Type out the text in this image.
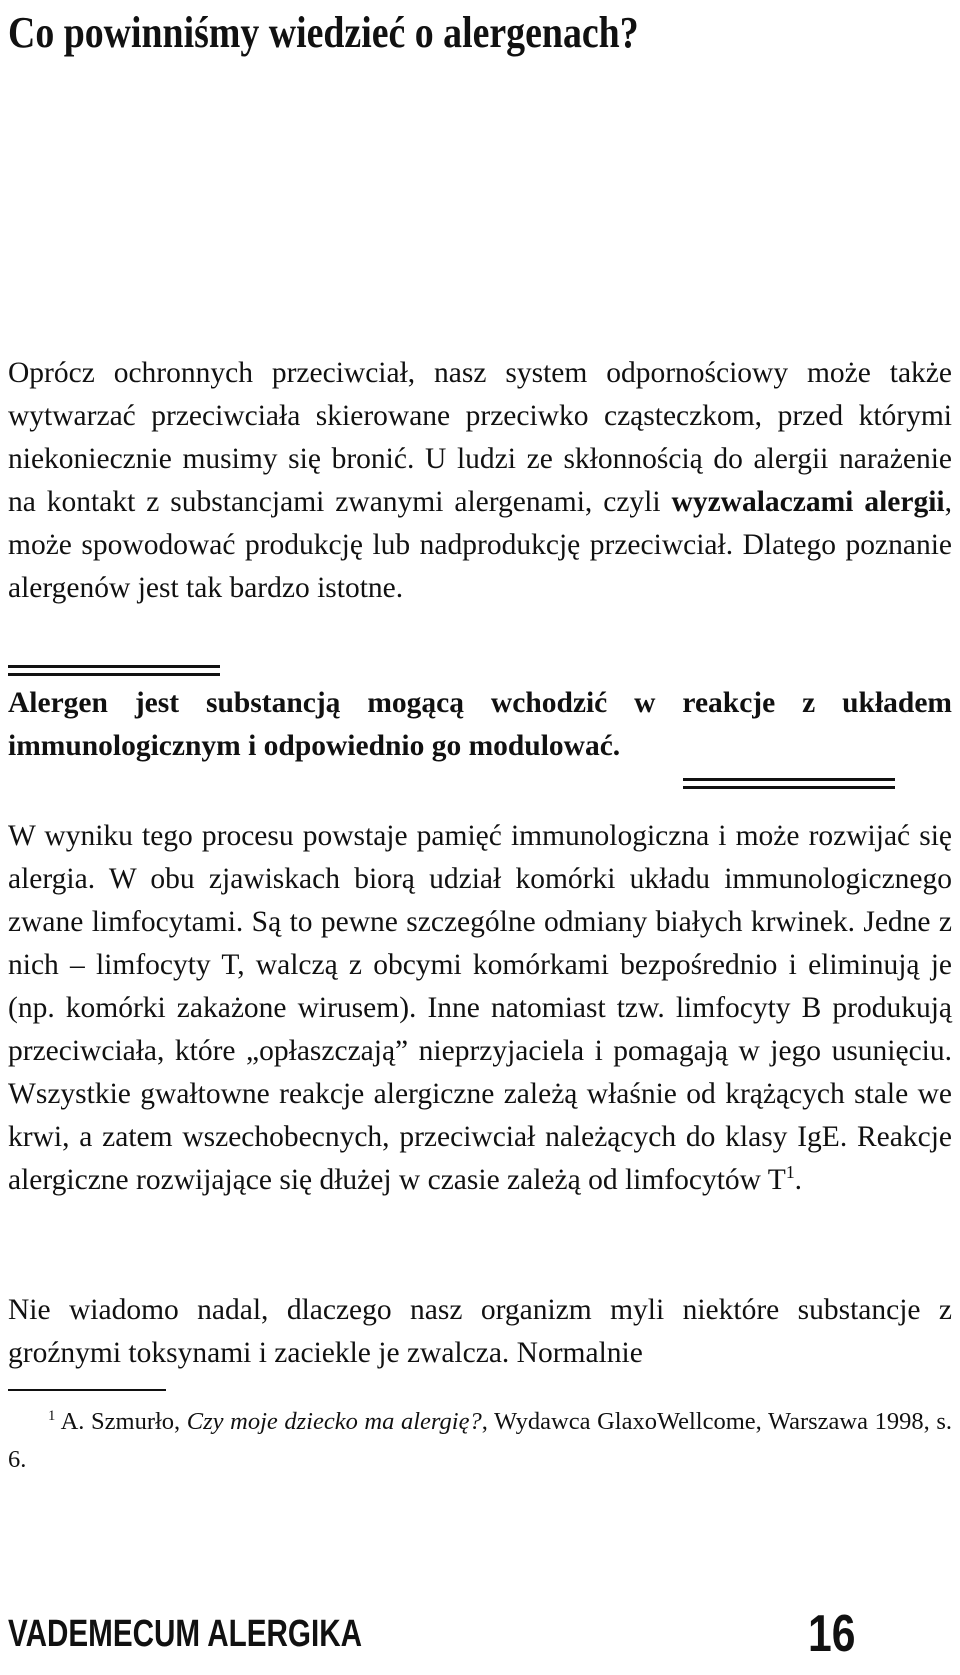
Co powinniśmy wiedzieć o alergenach?

Oprócz ochronnych przeciwciał, nasz system odpornościowy może także wytwarzać przeciwciała skierowane przeciwko cząsteczkom, przed którymi niekoniecznie musimy się bronić. U ludzi ze skłonnością do alergii narażenie na kontakt z substancjami zwanymi alergenami, czyli wyzwalaczami alergii, może spowodować produkcję lub nadprodukcję przeciwciał. Dlatego poznanie alergenów jest tak bardzo istotne.

Alergen jest substancją mogącą wchodzić w reakcje z układem immunologicznym i odpowiednio go modulować.

W wyniku tego procesu powstaje pamięć immunologiczna i może rozwijać się alergia. W obu zjawiskach biorą udział komórki układu immunologicznego zwane limfocytami. Są to pewne szczególne odmiany białych krwinek. Jedne z nich – limfocyty T, walczą z obcymi komórkami bezpośrednio i eliminują je (np. komórki zakażone wirusem). Inne natomiast tzw. limfocyty B produkują przeciwciała, które „opłaszczają” nieprzyjaciela i pomagają w jego usunięciu. Wszystkie gwałtowne reakcje alergiczne zależą właśnie od krążących stale we krwi, a zatem wszechobecnych, przeciwciał należących do klasy IgE. Reakcje alergiczne rozwijające się dłużej w czasie zależą od limfocytów $T^1$.

Nie wiadomo nadal, dlaczego nasz organizm myli niektóre substancje z groźnymi toksynami i zaciekle je zwalcza. Normalnie

$^1$ A. Szmurło, Czy moje dziecko ma alergię?, Wydawca GlaxoWellcome, Warszawa 1998, s. 6.

VADEMECUM ALERGIKA	16
